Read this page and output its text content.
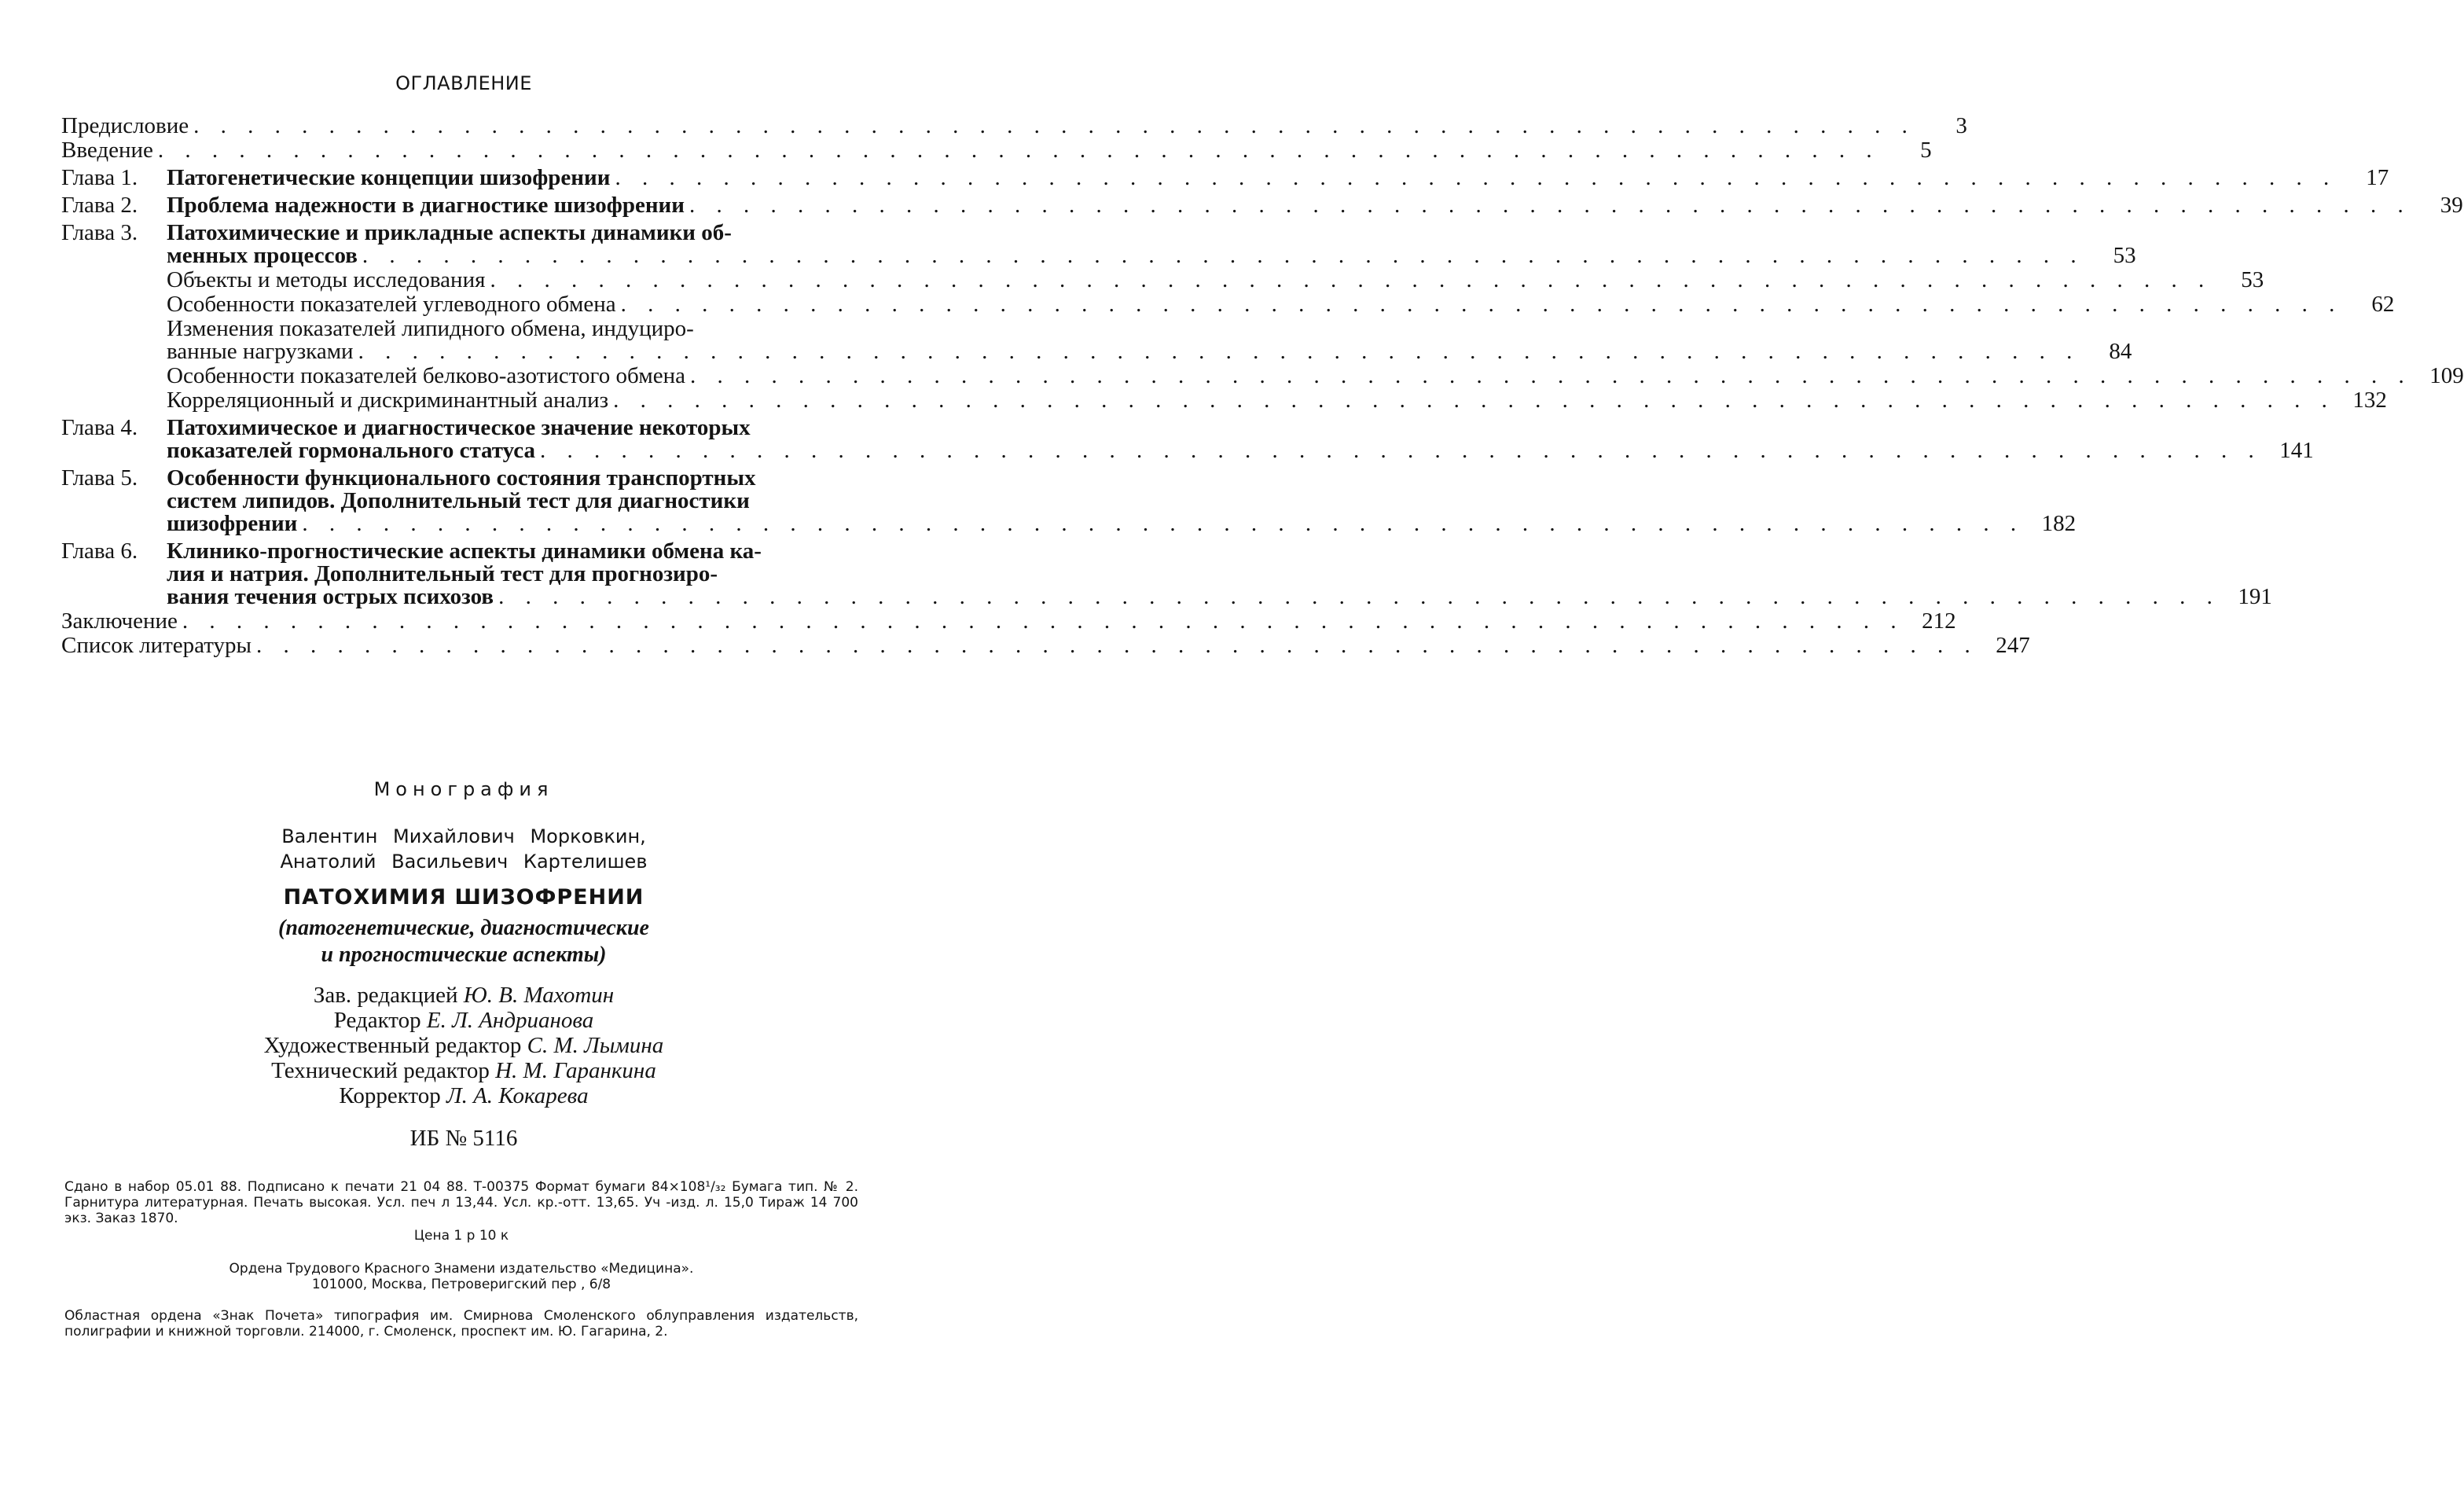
ОГЛАВЛЕНИЕ
Предисловие . . . . . . . . . . . . . . . . . . . . . . . . . . . . . . . . . . . . . . . . . . . . . . . . . . . . . . . . . . . . . . . .	3
Введение . . . . . . . . . . . . . . . . . . . . . . . . . . . . . . . . . . . . . . . . . . . . . . . . . . . . . . . . . . . . . . . .	5
Глава 1.	Патогенетические концепции шизофрении . . . . . . . . . . . . . . . . . . . . . . . . . . . . . . . . . . . . . . . . . . . . . . . . . . . . . . . . . . . . . . . .	17
Глава 2.	Проблема надежности в диагностике шизофрении . . . . . . . . . . . . . . . . . . . . . . . . . . . . . . . . . . . . . . . . . . . . . . . . . . . . . . . . . . . . . . . .	39
Глава 3.	Патохимические и прикладные аспекты динамики об-
менных процессов . . . . . . . . . . . . . . . . . . . . . . . . . . . . . . . . . . . . . . . . . . . . . . . . . . . . . . . . . . . . . . . .	53
Объекты и методы исследования . . . . . . . . . . . . . . . . . . . . . . . . . . . . . . . . . . . . . . . . . . . . . . . . . . . . . . . . . . . . . . . .	53
Особенности показателей углеводного обмена . . . . . . . . . . . . . . . . . . . . . . . . . . . . . . . . . . . . . . . . . . . . . . . . . . . . . . . . . . . . . . . .	62
Изменения показателей липидного обмена, индуциро-
ванные нагрузками . . . . . . . . . . . . . . . . . . . . . . . . . . . . . . . . . . . . . . . . . . . . . . . . . . . . . . . . . . . . . . . .	84
Особенности показателей белково-азотистого обмена . . . . . . . . . . . . . . . . . . . . . . . . . . . . . . . . . . . . . . . . . . . . . . . . . . . . . . . . . . . . . . . . 109
Корреляционный и дискриминантный анализ . . . . . . . . . . . . . . . . . . . . . . . . . . . . . . . . . . . . . . . . . . . . . . . . . . . . . . . . . . . . . . . . 132
Глава 4.	Патохимическое и диагностическое значение некоторых
показателей гормонального статуса . . . . . . . . . . . . . . . . . . . . . . . . . . . . . . . . . . . . . . . . . . . . . . . . . . . . . . . . . . . . . . . . 141
Глава 5.	Особенности функционального состояния транспортных
систем липидов. Дополнительный тест для диагностики
шизофрении . . . . . . . . . . . . . . . . . . . . . . . . . . . . . . . . . . . . . . . . . . . . . . . . . . . . . . . . . . . . . . . . 182
Глава 6.	Клинико-прогностические аспекты динамики обмена ка-
лия и натрия. Дополнительный тест для прогнозиро-
вания течения острых психозов . . . . . . . . . . . . . . . . . . . . . . . . . . . . . . . . . . . . . . . . . . . . . . . . . . . . . . . . . . . . . . . . 191
Заключение . . . . . . . . . . . . . . . . . . . . . . . . . . . . . . . . . . . . . . . . . . . . . . . . . . . . . . . . . . . . . . . . 212
Список литературы . . . . . . . . . . . . . . . . . . . . . . . . . . . . . . . . . . . . . . . . . . . . . . . . . . . . . . . . . . . . . . . . 247
Монография
Валентин Михайлович Морковкин,
Анатолий Васильевич Картелишев
ПАТОХИМИЯ ШИЗОФРЕНИИ
(патогенетические, диагностические
и прогностические аспекты)
Зав. редакцией Ю. В. Махотин
Редактор Е. Л. Андрианова
Художественный редактор С. М. Лымина
Технический редактор Н. М. Гаранкина
Корректор Л. А. Кокарева
ИБ № 5116
Сдано в набор 05.01 88. Подписано к печати 21 04 88. Т-00375 Формат бумаги 84×108¹/₃₂ Бумага тип. № 2. Гарнитура литературная. Печать высокая. Усл. печ л 13,44. Усл. кр.-отт. 13,65. Уч -изд. л. 15,0 Тираж 14 700 экз. Заказ 1870.
Цена 1 р 10 к
Ордена Трудового Красного Знамени издательство «Медицина».
101000, Москва, Петроверигский пер , 6/8
Областная ордена «Знак Почета» типография им. Смирнова Смоленского облуправления издательств, полиграфии и книжной торговли. 214000, г. Смоленск, проспект им. Ю. Гагарина, 2.
